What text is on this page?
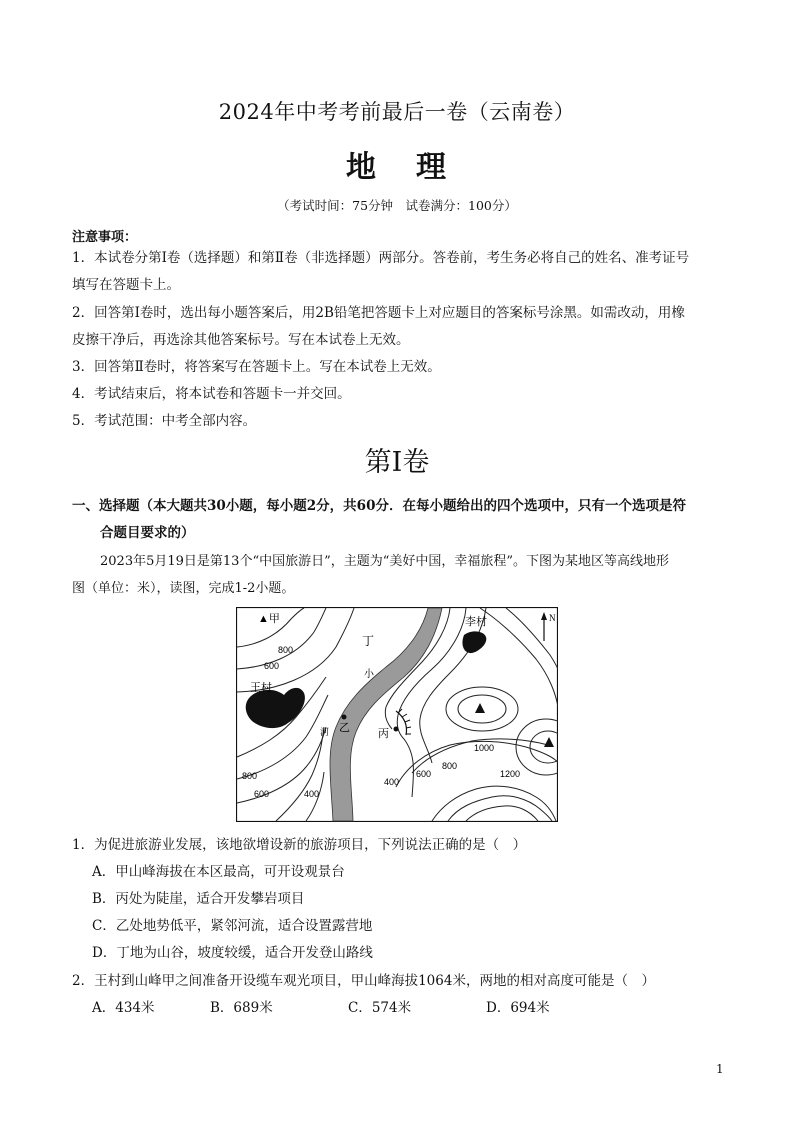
2024年中考考前最后一卷（云南卷）
地 理
（考试时间：75分钟　试卷满分：100分）
注意事项：
1．本试卷分第Ⅰ卷（选择题）和第Ⅱ卷（非选择题）两部分。答卷前，考生务必将自己的姓名、准考证号
填写在答题卡上。
2．回答第Ⅰ卷时，选出每小题答案后，用2B铅笔把答题卡上对应题目的答案标号涂黑。如需改动，用橡
皮擦干净后，再选涂其他答案标号。写在本试卷上无效。
3．回答第Ⅱ卷时，将答案写在答题卡上。写在本试卷上无效。
4．考试结束后，将本试卷和答题卡一并交回。
5．考试范围：中考全部内容。
第Ⅰ卷
一、选择题（本大题共30小题，每小题2分，共60分．在每小题给出的四个选项中，只有一个选项是符
合题目要求的）
2023年5月19日是第13个“中国旅游日”，主题为“美好中国，幸福旅程”。下图为某地区等高线地形
图（单位：米），读图，完成1-2小题。
▲甲
王村
李村
丁
乙	丙
小
河
N
800
600
800
600	400
400
600
800
1000
1200
1．为促进旅游业发展，该地欲增设新的旅游项目，下列说法正确的是（　）
A．甲山峰海拔在本区最高，可开设观景台
B．丙处为陡崖，适合开发攀岩项目
C．乙处地势低平，紧邻河流，适合设置露营地
D．丁地为山谷，坡度较缓，适合开发登山路线
2．王村到山峰甲之间准备开设缆车观光项目，甲山峰海拔1064米，两地的相对高度可能是（　）
A．434米	B．689米	C．574米	D．694米
1
